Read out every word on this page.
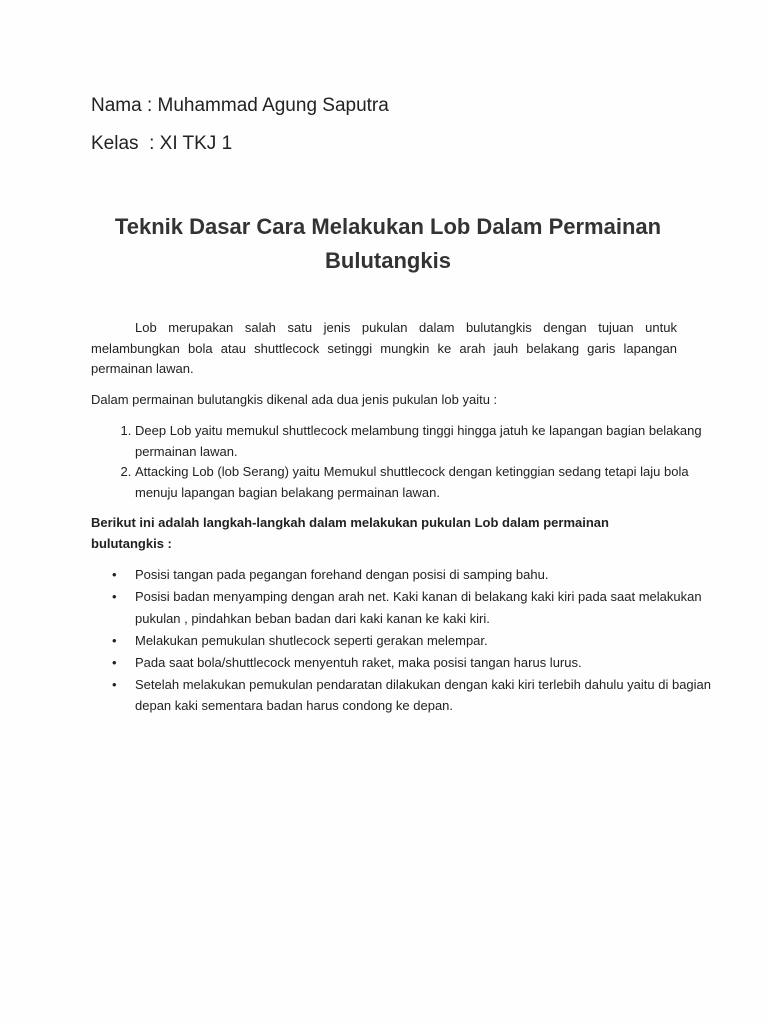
Nama : Muhammad Agung Saputra
Kelas  : XI TKJ 1
Teknik Dasar Cara Melakukan Lob Dalam Permainan
Bulutangkis

Lob merupakan salah satu jenis pukulan dalam bulutangkis dengan tujuan untuk melambungkan bola atau shuttlecock setinggi mungkin ke arah jauh belakang garis lapangan permainan lawan.

Dalam permainan bulutangkis dikenal ada dua jenis pukulan lob yaitu :

1. Deep Lob yaitu memukul shuttlecock melambung tinggi hingga jatuh ke lapangan bagian belakang permainan lawan.
2. Attacking Lob (lob Serang) yaitu Memukul shuttlecock dengan ketinggian sedang tetapi laju bola menuju lapangan bagian belakang permainan lawan.

Berikut ini adalah langkah-langkah dalam melakukan pukulan Lob dalam permainan bulutangkis :

• Posisi tangan pada pegangan forehand dengan posisi di samping bahu.
• Posisi badan menyamping dengan arah net. Kaki kanan di belakang kaki kiri pada saat melakukan pukulan , pindahkan beban badan dari kaki kanan ke kaki kiri.
• Melakukan pemukulan shutlecock seperti gerakan melempar.
• Pada saat bola/shuttlecock menyentuh raket, maka posisi tangan harus lurus.
• Setelah melakukan pemukulan pendaratan dilakukan dengan kaki kiri terlebih dahulu yaitu di bagian depan kaki sementara badan harus condong ke depan.
